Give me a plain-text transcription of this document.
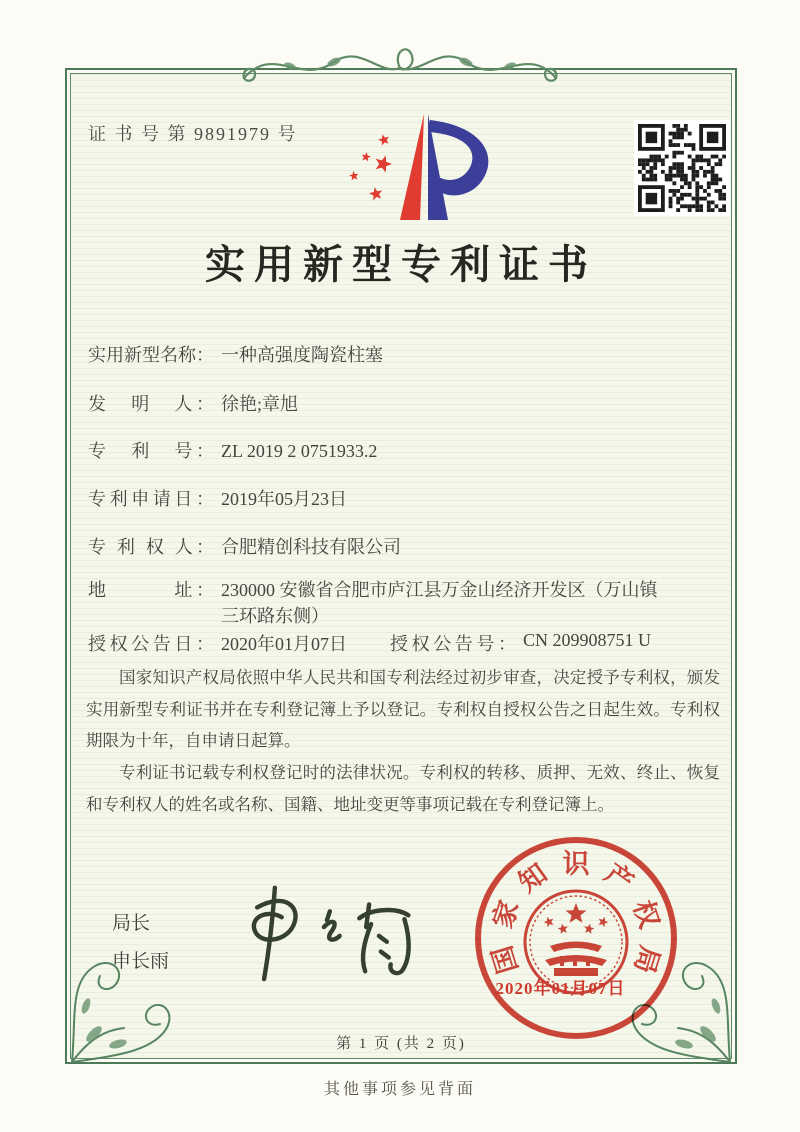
证 书 号 第 9891979 号
实用新型专利证书
实用新型名称： 一种高强度陶瓷柱塞
发　明　人： 徐艳;章旭
专　利　号： ZL 2019 2 0751933.2
专利申请日： 2019年05月23日
专 利 权 人： 合肥精创科技有限公司
地　　　址： 230000 安徽省合肥市庐江县万金山经济开发区（万山镇三环路东侧）
授权公告日： 2020年01月07日 授权公告号： CN 209908751 U

国家知识产权局依照中华人民共和国专利法经过初步审查，决定授予专利权，颁发实用新型专利证书并在专利登记簿上予以登记。专利权自授权公告之日起生效。专利权期限为十年，自申请日起算。

专利证书记载专利权登记时的法律状况。专利权的转移、质押、无效、终止、恢复和专利权人的姓名或名称、国籍、地址变更等事项记载在专利登记簿上。

局长
申长雨	国
家
知 识 产
权
局
2020年01月07日
第 1 页 (共 2 页)
其他事项参见背面
